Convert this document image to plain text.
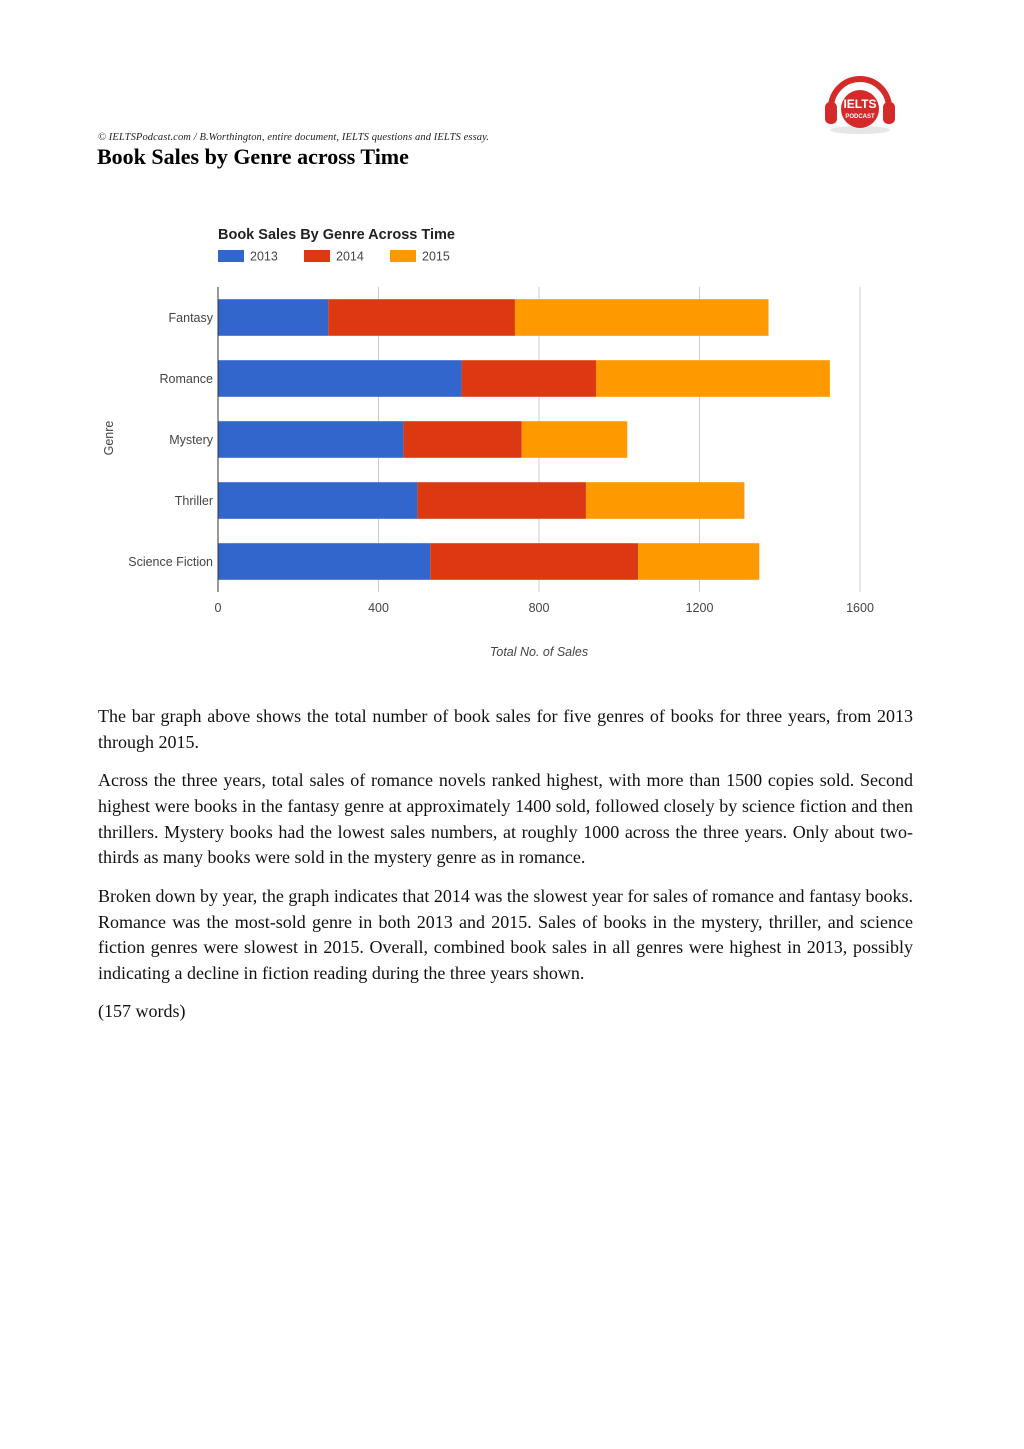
IELTS
PODCAST
© IELTSPodcast.com / B.Worthington, entire document, IELTS questions and IELTS essay.
Book Sales by Genre across Time
0	400	800	1200	1600
Fantasy
Romance
Mystery
Thriller
Science Fiction
Book Sales By Genre Across Time
2013	2014	2015
Total No. of Sales
Genre

The bar graph above shows the total number of book sales for five genres of books for three years, from 2013 through 2015.

Across the three years, total sales of romance novels ranked highest, with more than 1500 copies sold. Second highest were books in the fantasy genre at approximately 1400 sold, followed closely by science fiction and then thrillers. Mystery books had the lowest sales numbers, at roughly 1000 across the three years. Only about two-thirds as many books were sold in the mystery genre as in romance.

Broken down by year, the graph indicates that 2014 was the slowest year for sales of romance and fantasy books. Romance was the most-sold genre in both 2013 and 2015. Sales of books in the mystery, thriller, and science fiction genres were slowest in 2015. Overall, combined book sales in all genres were highest in 2013, possibly indicating a decline in fiction reading during the three years shown.

(157 words)
